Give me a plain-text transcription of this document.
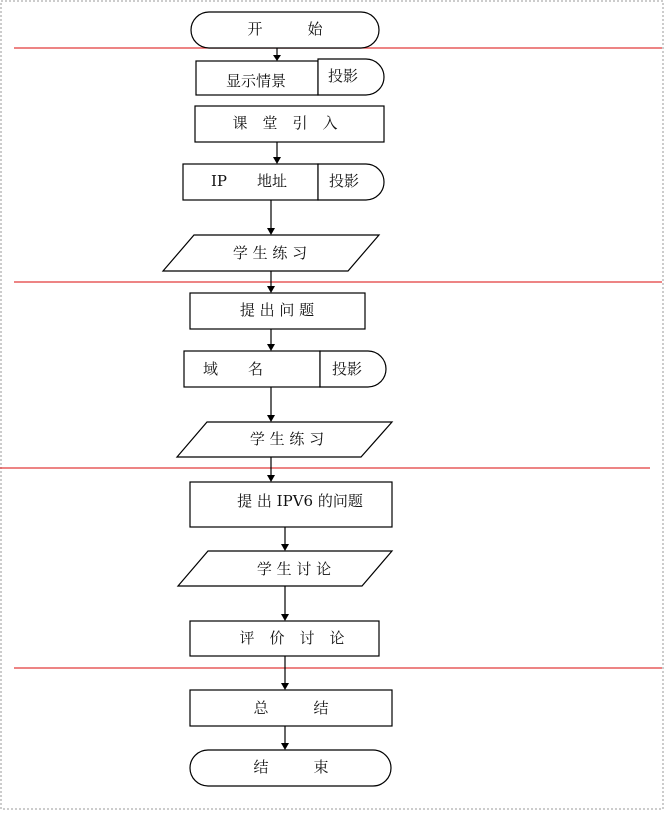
开　　　始
显示情景	投影
课　堂　引　入
IP　　地址	投影
学 生 练 习
提 出 问 题
域　　名	投影
学 生 练 习
提 出 IPV6 的问题
学 生 讨 论
评　价　讨　论
总　　　结
结　　　束
